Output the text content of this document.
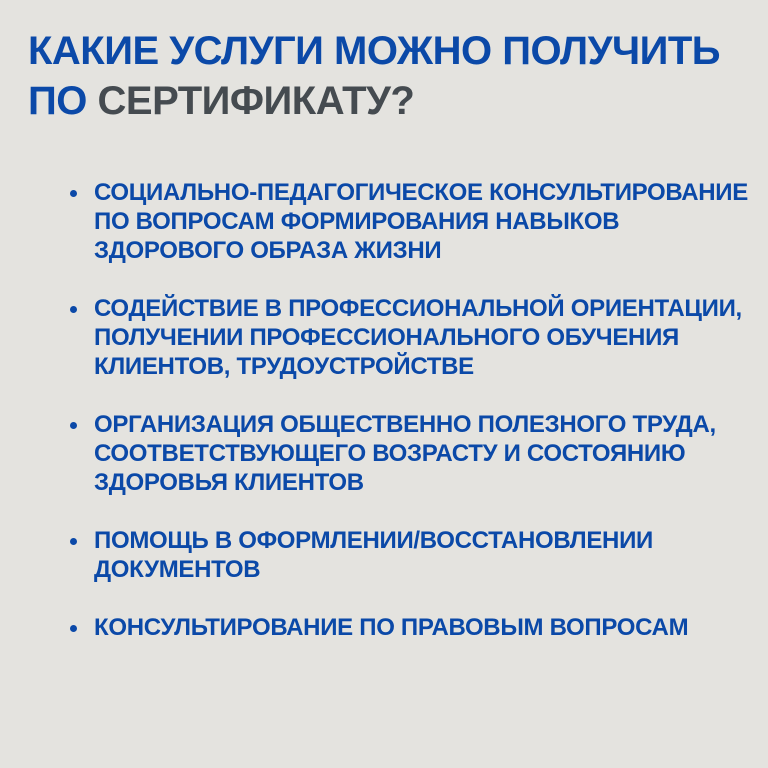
КАКИЕ УСЛУГИ МОЖНО ПОЛУЧИТЬ
ПО СЕРТИФИКАТУ?
СОЦИАЛЬНО-ПЕДАГОГИЧЕСКОЕ КОНСУЛЬТИРОВАНИЕ ПО ВОПРОСАМ ФОРМИРОВАНИЯ НАВЫКОВ ЗДОРОВОГО ОБРАЗА ЖИЗНИ
СОДЕЙСТВИЕ В ПРОФЕССИОНАЛЬНОЙ ОРИЕНТАЦИИ, ПОЛУЧЕНИИ ПРОФЕССИОНАЛЬНОГО ОБУЧЕНИЯ КЛИЕНТОВ, ТРУДОУСТРОЙСТВЕ
ОРГАНИЗАЦИЯ ОБЩЕСТВЕННО ПОЛЕЗНОГО ТРУДА, СООТВЕТСТВУЮЩЕГО ВОЗРАСТУ И СОСТОЯНИЮ ЗДОРОВЬЯ КЛИЕНТОВ
ПОМОЩЬ В ОФОРМЛЕНИИ/ВОССТАНОВЛЕНИИ ДОКУМЕНТОВ
КОНСУЛЬТИРОВАНИЕ ПО ПРАВОВЫМ ВОПРОСАМ
